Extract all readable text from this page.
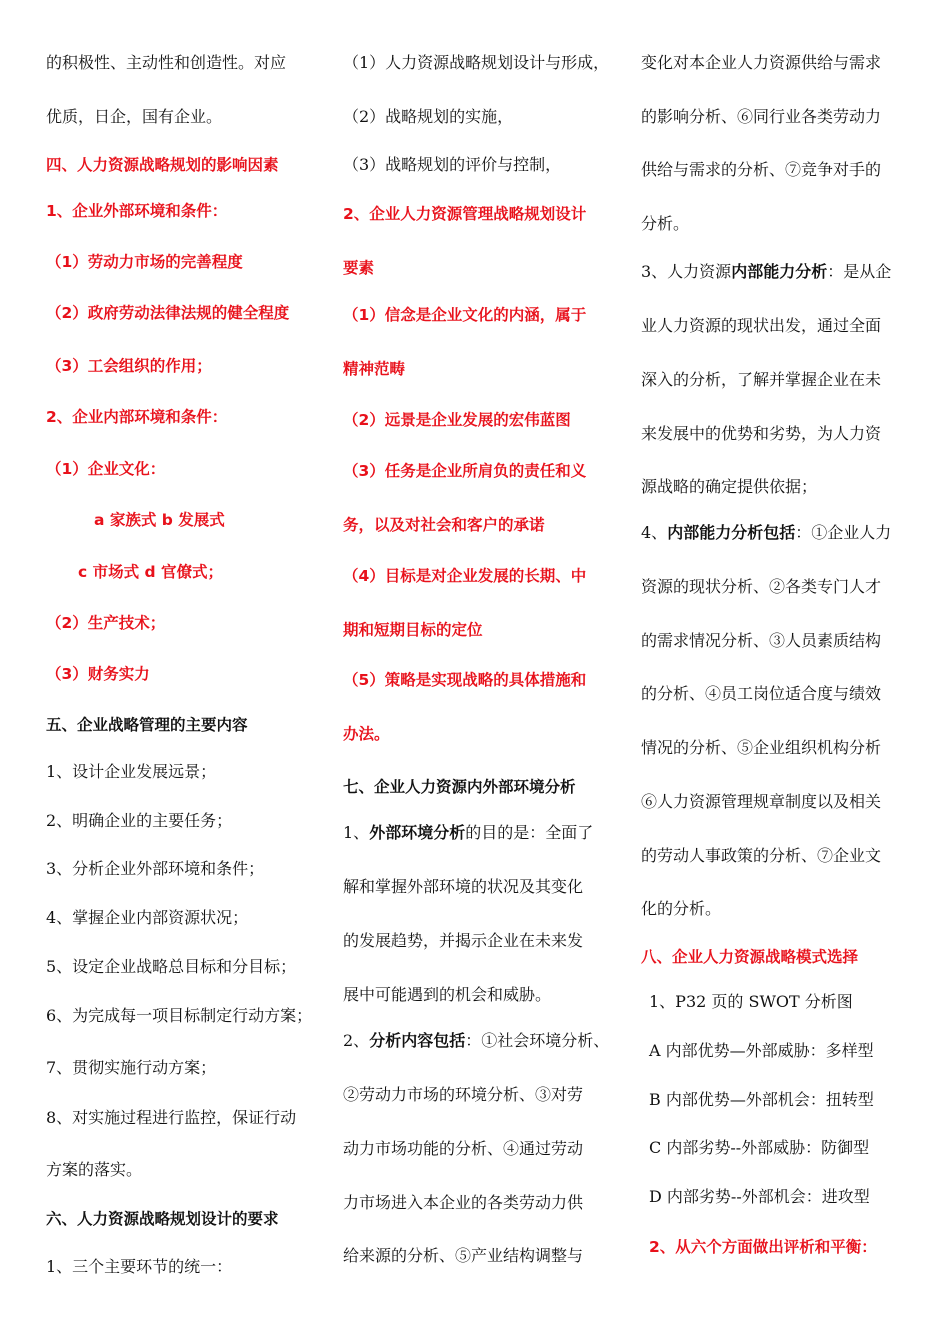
的积极性、主动性和创造性。对应
优质，日企，国有企业。
四、人力资源战略规划的影响因素
1、企业外部环境和条件：
（1）劳动力市场的完善程度
（2）政府劳动法律法规的健全程度
（3）工会组织的作用；
2、企业内部环境和条件：
（1）企业文化：
a 家族式 b 发展式
c 市场式 d 官僚式；
（2）生产技术；
（3）财务实力
五、企业战略管理的主要内容
1、设计企业发展远景；
2、明确企业的主要任务；
3、分析企业外部环境和条件；
4、掌握企业内部资源状况；
5、设定企业战略总目标和分目标；
6、为完成每一项目标制定行动方案；
7、贯彻实施行动方案；
8、对实施过程进行监控，保证行动
方案的落实。
六、人力资源战略规划设计的要求
1、三个主要环节的统一：
（1）人力资源战略规划设计与形成，
（2）战略规划的实施，
（3）战略规划的评价与控制，
2、企业人力资源管理战略规划设计
要素
（1）信念是企业文化的内涵，属于
精神范畴
（2）远景是企业发展的宏伟蓝图
（3）任务是企业所肩负的责任和义
务，以及对社会和客户的承诺
（4）目标是对企业发展的长期、中
期和短期目标的定位
（5）策略是实现战略的具体措施和
办法。
七、企业人力资源内外部环境分析
1、外部环境分析的目的是：全面了
解和掌握外部环境的状况及其变化
的发展趋势，并揭示企业在未来发
展中可能遇到的机会和威胁。
2、分析内容包括：①社会环境分析、
②劳动力市场的环境分析、③对劳
动力市场功能的分析、④通过劳动
力市场进入本企业的各类劳动力供
给来源的分析、⑤产业结构调整与
变化对本企业人力资源供给与需求
的影响分析、⑥同行业各类劳动力
供给与需求的分析、⑦竞争对手的
分析。
3、人力资源内部能力分析：是从企
业人力资源的现状出发，通过全面
深入的分析，了解并掌握企业在未
来发展中的优势和劣势，为人力资
源战略的确定提供依据；
4、内部能力分析包括：①企业人力
资源的现状分析、②各类专门人才
的需求情况分析、③人员素质结构
的分析、④员工岗位适合度与绩效
情况的分析、⑤企业组织机构分析
⑥人力资源管理规章制度以及相关
的劳动人事政策的分析、⑦企业文
化的分析。
八、企业人力资源战略模式选择
1、P32 页的 SWOT 分析图
A 内部优势—外部威胁：多样型
B 内部优势—外部机会：扭转型
C 内部劣势--外部威胁：防御型
D 内部劣势--外部机会：进攻型
2、从六个方面做出评析和平衡：
